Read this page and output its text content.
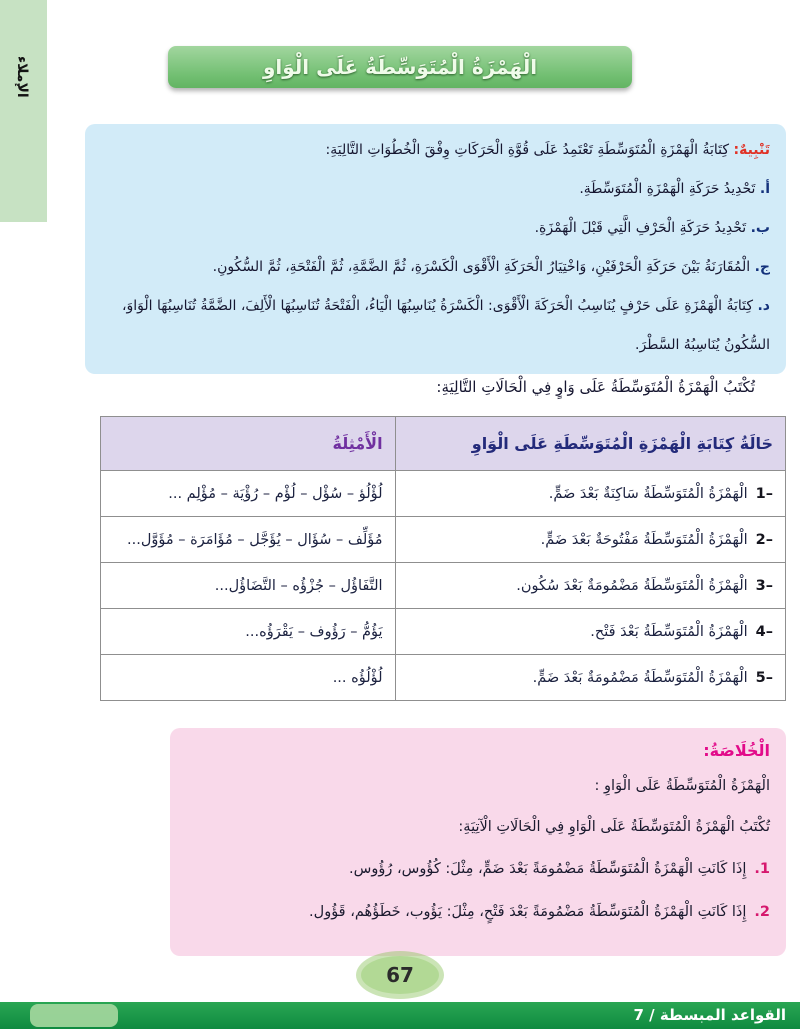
الإملاء	الْهَمْزَةُ الْمُتَوَسِّطَةُ عَلَى الْوَاوِ
تَنْبِيهٌ: كِتَابَةُ الْهَمْزَةِ الْمُتَوَسِّطَةِ تَعْتَمِدُ عَلَى قُوَّةِ الْحَرَكَاتِ وِفْقَ الْخُطُوَاتِ التَّالِيَةِ:
أ. تَحْدِيدُ حَرَكَةِ الْهَمْزَةِ الْمُتَوَسِّطَةِ.
ب. تَحْدِيدُ حَرَكَةِ الْحَرْفِ الَّتِي قَبْلَ الْهَمْزَةِ.
ج. الْمُقَارَنَةُ بَيْنَ حَرَكَةِ الْحَرْفَيْنِ، وَاخْتِيَارُ الْحَرَكَةِ الْأَقْوَى الْكَسْرَةِ، ثُمَّ الضَّمَّةِ، ثُمَّ الْفَتْحَةِ، ثُمَّ السُّكُونِ.
د. كِتَابَةُ الْهَمْزَةِ عَلَى حَرْفٍ يُنَاسِبُ الْحَرَكَةَ الْأَقْوَى: الْكَسْرَةُ يُنَاسِبُهَا الْيَاءُ، الْفَتْحَةُ تُنَاسِبُهَا الْأَلِفَ، الضَّمَّةُ تُنَاسِبُهَا الْوَاوَ، السُّكُونُ يُنَاسِبُهُ السَّطْرَ.
تُكْتَبُ الْهَمْزَةُ الْمُتَوَسِّطَةُ عَلَى وَاوٍ فِي الْحَالَاتِ التَّالِيَةِ:
حَالَةُ كِتَابَةِ الْهَمْزَةِ الْمُتَوَسِّطَةِ عَلَى الْوَاوِ	الْأَمْثِلَةُ

1–
الْهَمْزَةُ الْمُتَوَسِّطَةُ سَاكِنَةٌ بَعْدَ ضَمٍّ.	لُؤْلُؤ – سُؤْل – لُؤْم – رُؤْيَة – مُؤْلِم ...

2–
الْهَمْزَةُ الْمُتَوَسِّطَةُ مَفْتُوحَةٌ بَعْدَ ضَمٍّ.	مُؤَلِّف – سُؤَال – يُؤَجَّل – مُؤَامَرَة – مُؤَوَّل...

3–
الْهَمْزَةُ الْمُتَوَسِّطَةُ مَضْمُومَةٌ بَعْدَ سُكُون.	التَّفَاؤُل – جُزْؤُه – التَّضَاؤُل...

4–
الْهَمْزَةُ الْمُتَوَسِّطَةُ بَعْدَ فَتْح.	يَؤُمُّ – رَؤُوف – يَقْرَؤُه...

5–
الْهَمْزَةُ الْمُتَوَسِّطَةُ مَضْمُومَةٌ بَعْدَ ضَمٍّ.	لُؤْلُؤُه ...
الْخُلَاصَةُ:
الْهَمْزَةُ الْمُتَوَسِّطَةُ عَلَى الْوَاوِ :
تُكْتَبُ الْهَمْزَةُ الْمُتَوَسِّطَةُ عَلَى الْوَاوِ فِي الْحَالَاتِ الْآتِيَةِ:
1.
إِذَا كَانَتِ الْهَمْزَةُ الْمُتَوَسِّطَةُ مَضْمُومَةً بَعْدَ ضَمٍّ، مِثْلَ: كُؤُوس، رُؤُوس.
2.
إِذَا كَانَتِ الْهَمْزَةُ الْمُتَوَسِّطَةُ مَضْمُومَةً بَعْدَ فَتْحٍ، مِثْلَ: يَؤُوب، خَطَؤُهُم، قَؤُول.
67
القواعد المبسطة / 7
